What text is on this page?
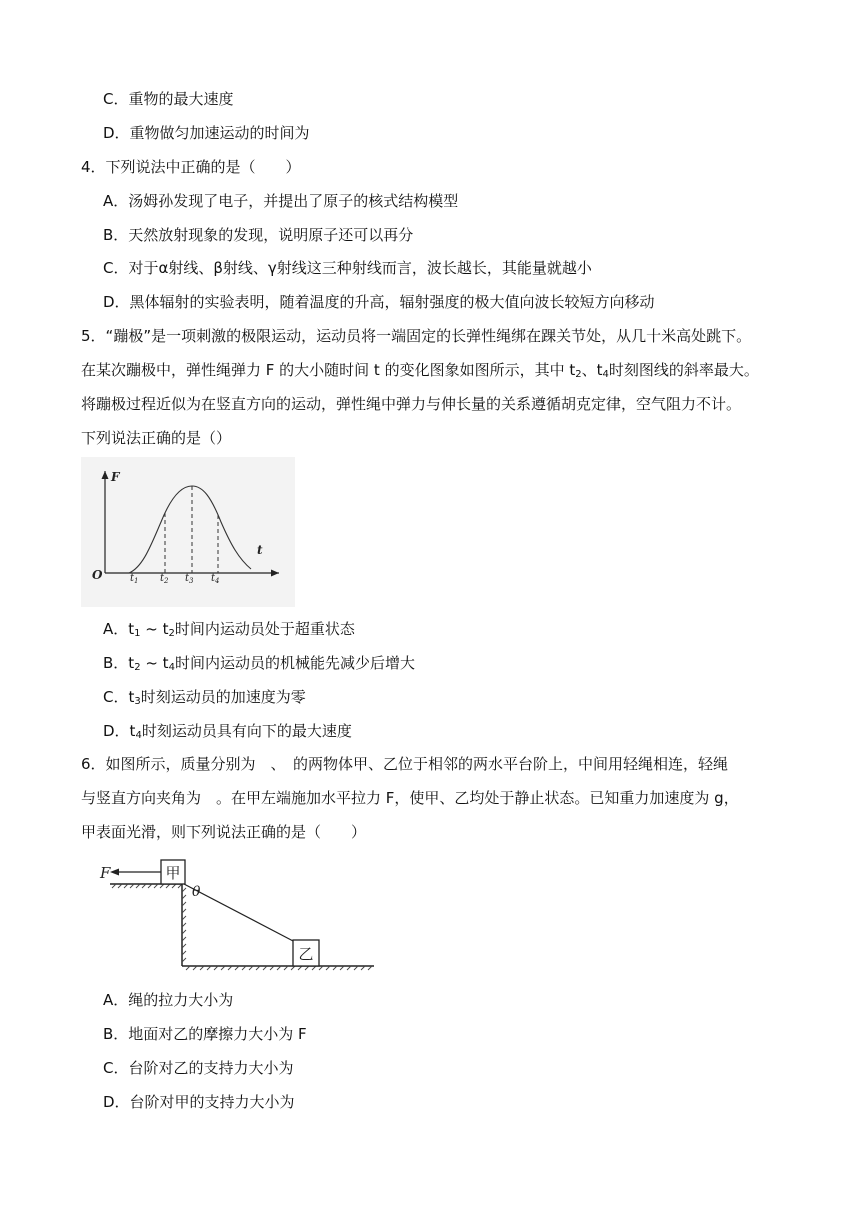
C．重物的最大速度
D．重物做匀加速运动的时间为
4．下列说法中正确的是（　　）
A．汤姆孙发现了电子，并提出了原子的核式结构模型
B．天然放射现象的发现，说明原子还可以再分
C．对于α射线、β射线、γ射线这三种射线而言，波长越长，其能量就越小
D．黑体辐射的实验表明，随着温度的升高，辐射强度的极大值向波长较短方向移动
5．“蹦极”是一项刺激的极限运动，运动员将一端固定的长弹性绳绑在踝关节处，从几十米高处跳下。
在某次蹦极中，弹性绳弹力 F 的大小随时间 t 的变化图象如图所示，其中 $t_2$、$t_4$时刻图线的斜率最大。
将蹦极过程近似为在竖直方向的运动，弹性绳中弹力与伸长量的关系遵循胡克定律，空气阻力不计。
下列说法正确的是（）
F
t
O	$t_1$ $t_2$ $t_3$ $t_4$
A．$t_1$ ~ $t_2$时间内运动员处于超重状态
B．$t_2$ ~ $t_4$时间内运动员的机械能先减少后增大
C．$t_3$时刻运动员的加速度为零
D．$t_4$时刻运动员具有向下的最大速度
6．如图所示，质量分别为　、　的两物体甲、乙位于相邻的两水平台阶上，中间用轻绳相连，轻绳
与竖直方向夹角为　。在甲左端施加水平拉力 F，使甲、乙均处于静止状态。已知重力加速度为 g，
甲表面光滑，则下列说法正确的是（　　）
甲
F
θ
乙
A．绳的拉力大小为
B．地面对乙的摩擦力大小为 F
C．台阶对乙的支持力大小为
D．台阶对甲的支持力大小为
